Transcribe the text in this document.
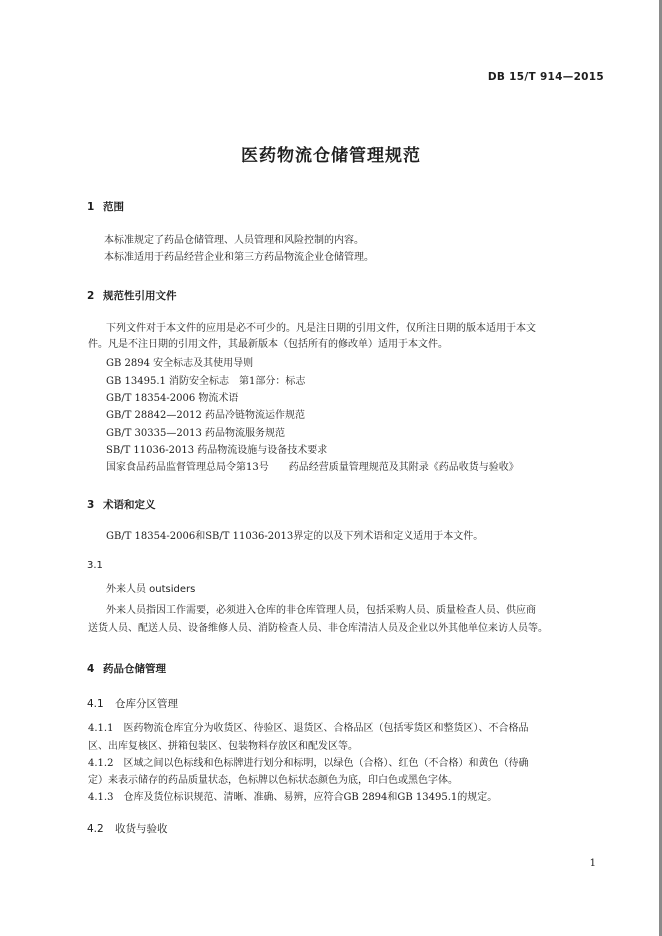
DB 15/T 914—2015
医药物流仓储管理规范
1 范围
本标准规定了药品仓储管理、人员管理和风险控制的内容。
本标准适用于药品经营企业和第三方药品物流企业仓储管理。
2 规范性引用文件
下列文件对于本文件的应用是必不可少的。凡是注日期的引用文件，仅所注日期的版本适用于本文
件。凡是不注日期的引用文件，其最新版本（包括所有的修改单）适用于本文件。
GB 2894 安全标志及其使用导则
GB 13495.1 消防安全标志　第1部分：标志
GB/T 18354-2006 物流术语
GB/T 28842—2012 药品冷链物流运作规范
GB/T 30335—2013 药品物流服务规范
SB/T 11036-2013 药品物流设施与设备技术要求
国家食品药品监督管理总局令第13号　　药品经营质量管理规范及其附录《药品收货与验收》
3 术语和定义
GB/T 18354-2006和SB/T 11036-2013界定的以及下列术语和定义适用于本文件。
3.1
外来人员 outsiders
外来人员指因工作需要，必须进入仓库的非仓库管理人员，包括采购人员、质量检查人员、供应商
送货人员、配送人员、设备维修人员、消防检查人员、非仓库清洁人员及企业以外其他单位来访人员等。
4 药品仓储管理
4.1 仓库分区管理
4.1.1　医药物流仓库宜分为收货区、待验区、退货区、合格品区（包括零货区和整货区）、不合格品
区、出库复核区、拼箱包装区、包装物料存放区和配发区等。
4.1.2　区域之间以色标线和色标牌进行划分和标明，以绿色（合格）、红色（不合格）和黄色（待确
定）来表示储存的药品质量状态，色标牌以色标状态颜色为底，印白色或黑色字体。
4.1.3　仓库及货位标识规范、清晰、准确、易辨，应符合GB 2894和GB 13495.1的规定。
4.2 收货与验收
1
